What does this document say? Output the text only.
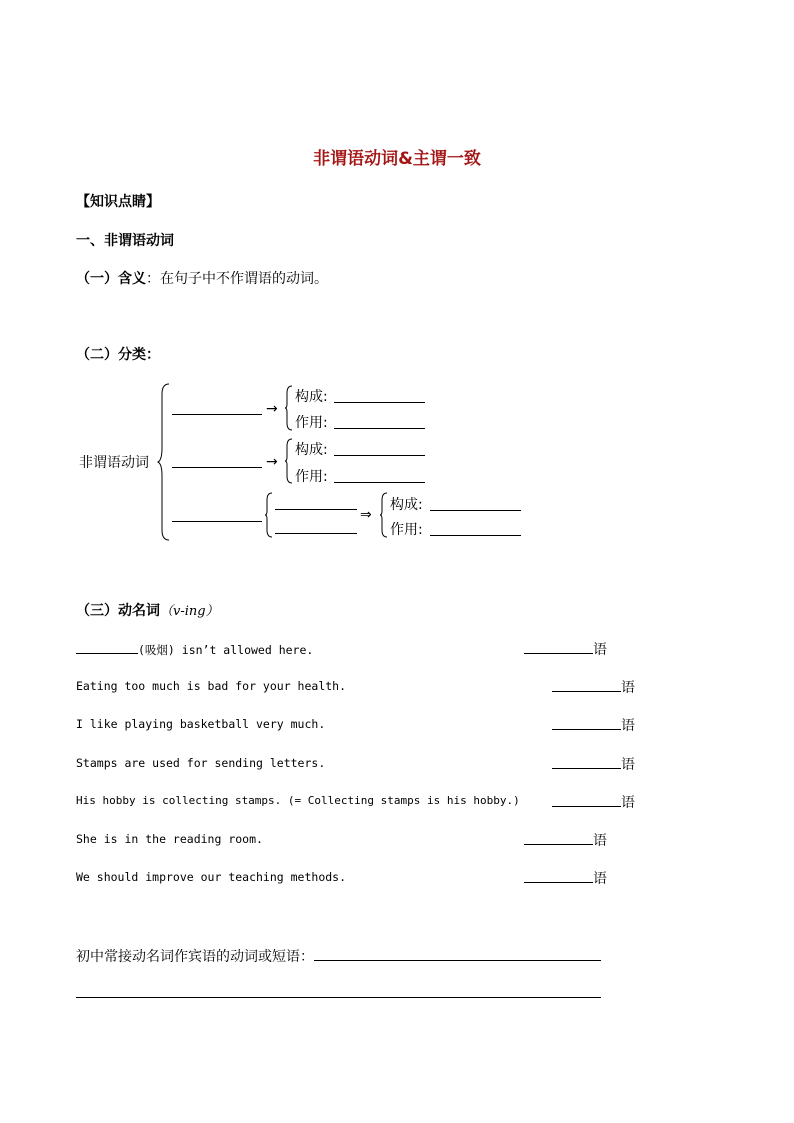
非谓语动词&主谓一致
【知识点睛】
一、非谓语动词
（一）含义：在句子中不作谓语的动词。
（二）分类：
非谓语动词
→
构成:
作用:
→
构成:
作用:
⇒
构成:
作用:
（三）动名词（v-ing）
(吸烟) isn’t allowed here.	语
Eating too much is bad for your health.	语
I like playing basketball very much.	语
Stamps are used for sending letters.	语
His hobby is collecting stamps. (= Collecting stamps is his hobby.)	语
She is in the reading room.	语
We should improve our teaching methods.	语
初中常接动名词作宾语的动词或短语：
